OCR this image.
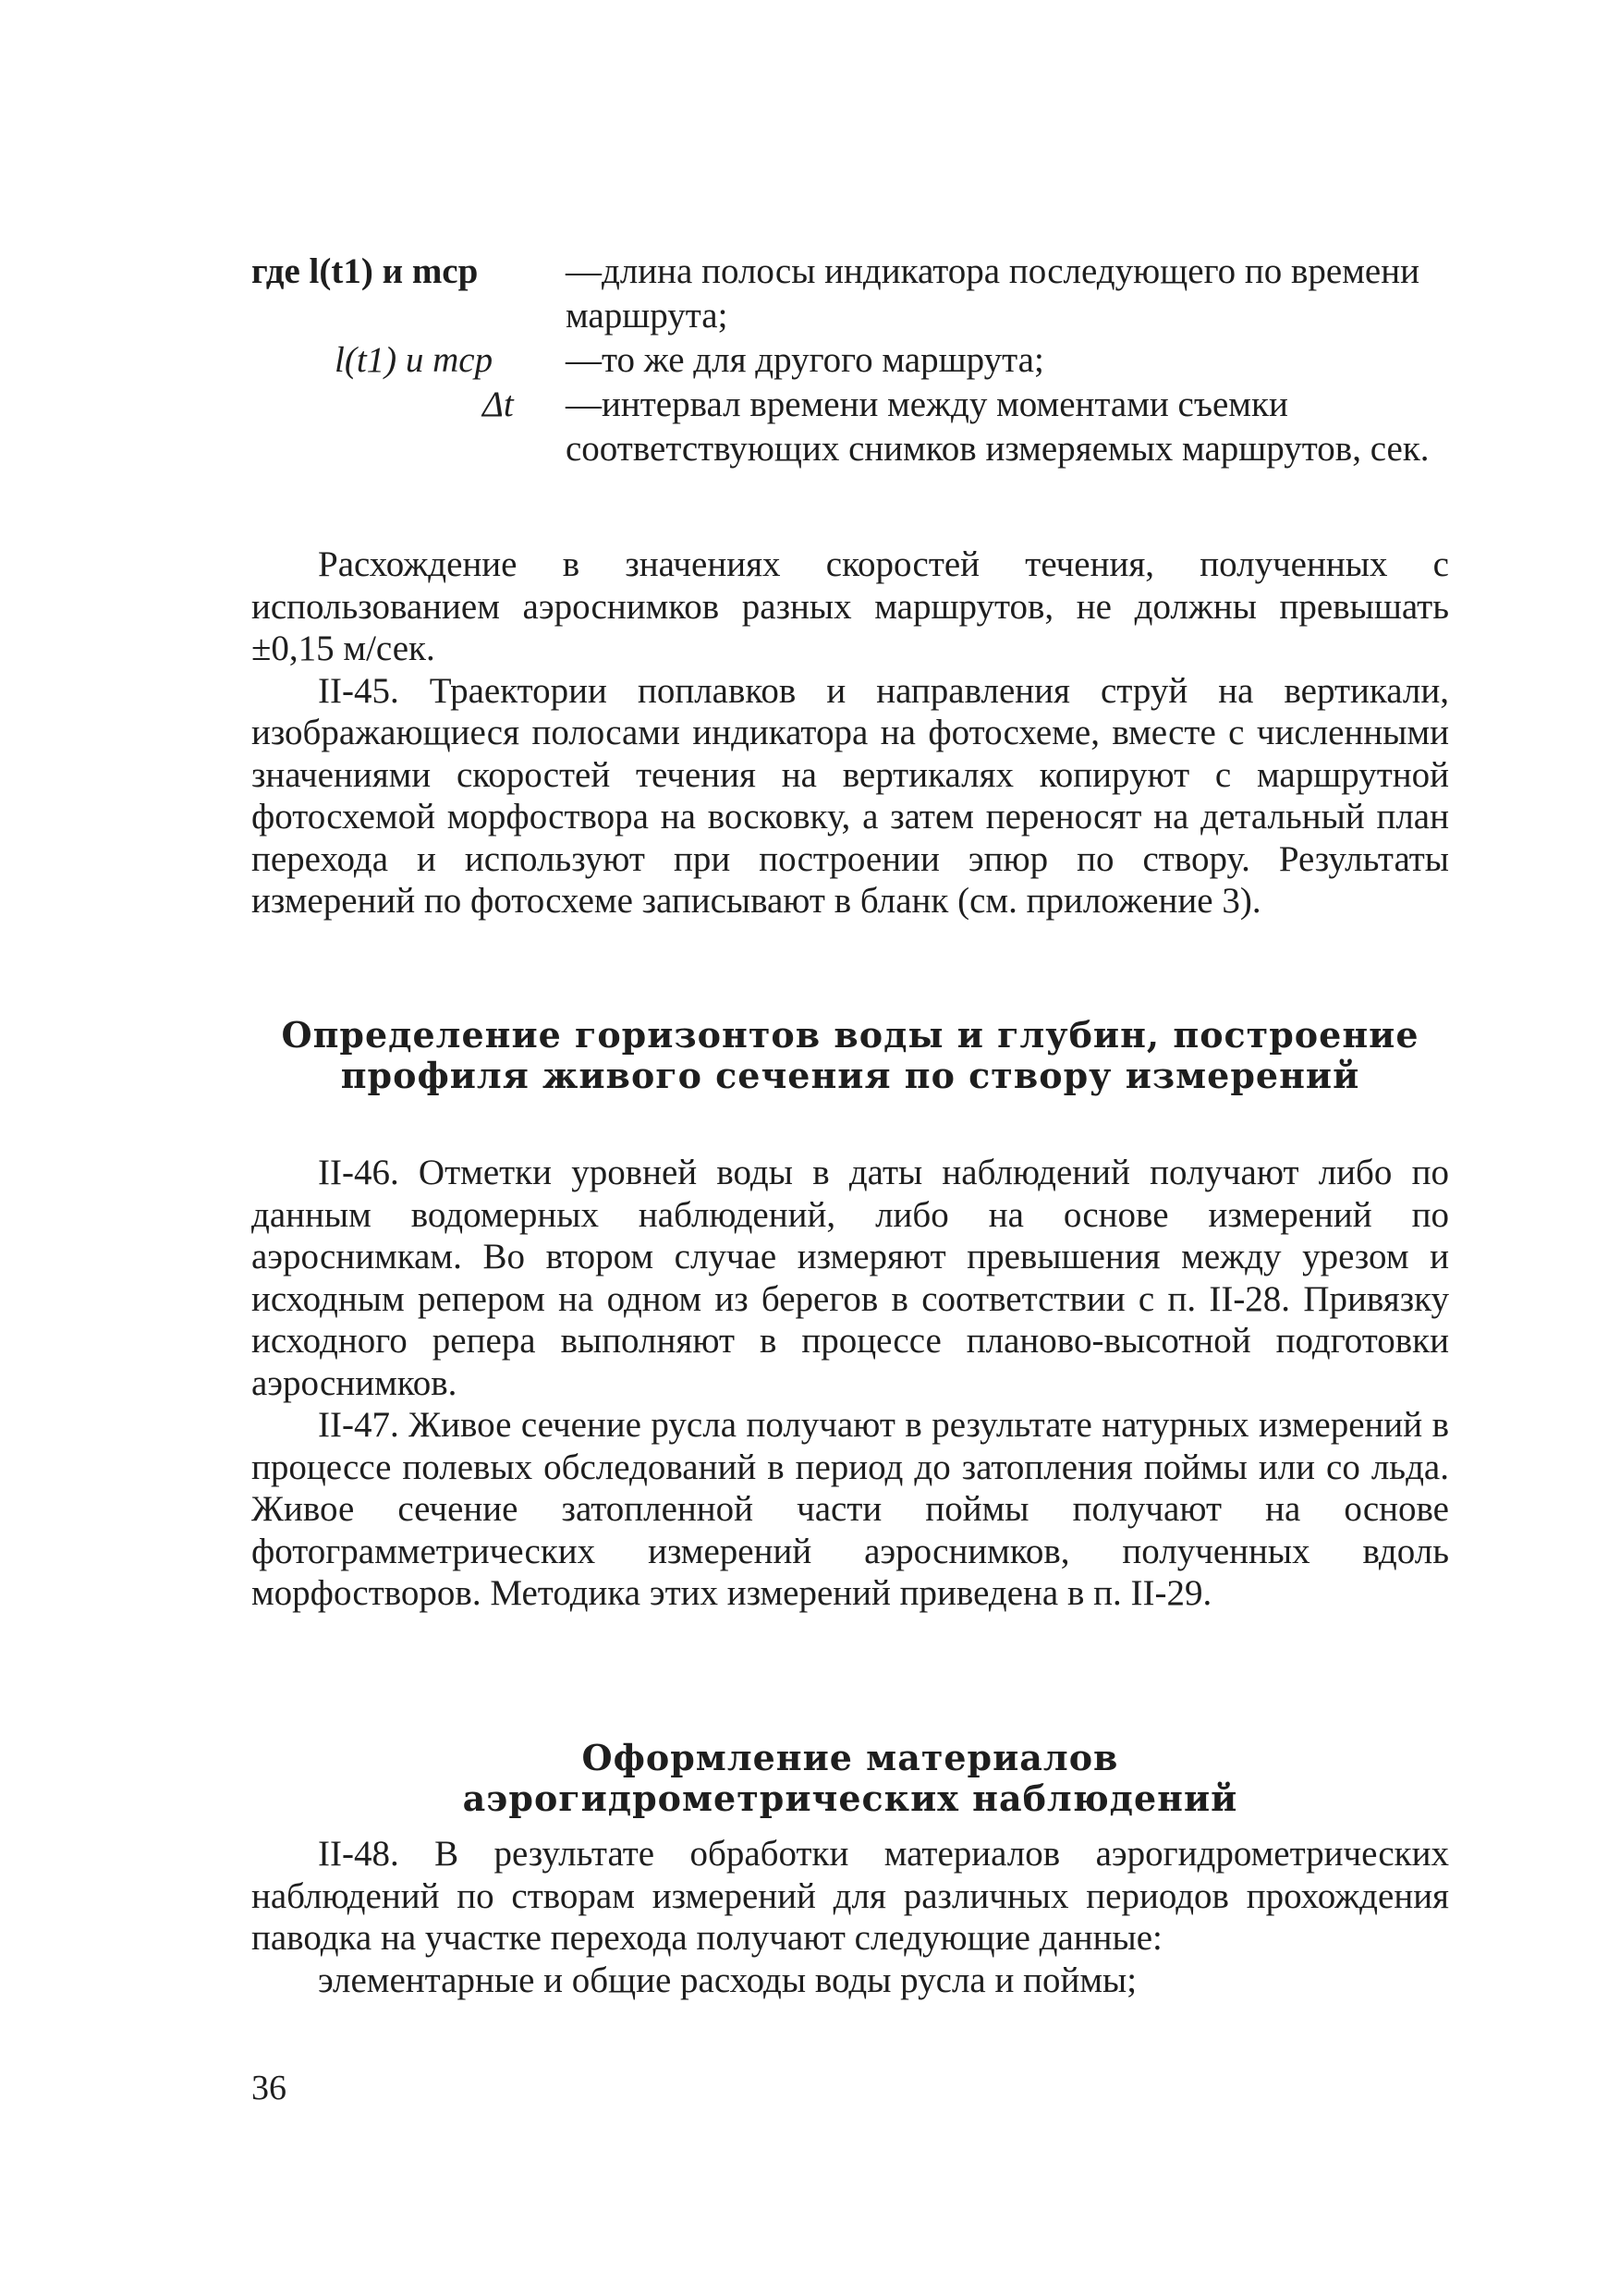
где l(t1) и mср —длина полосы индикатора последующего по времени маршрута;
l(t1) и mср —то же для другого маршрута;
Δt —интервал времени между моментами съемки соответствующих снимков измеряемых маршрутов, сек.

Расхождение в значениях скоростей течения, полученных с использованием аэроснимков разных маршрутов, не должны превышать ±0,15 м/сек.

II-45. Траектории поплавков и направления струй на вертикали, изображающиеся полосами индикатора на фотосхеме, вместе с численными значениями скоростей течения на вертикалях копируют с маршрутной фотосхемой морфоствора на восковку, а затем переносят на детальный план перехода и используют при построении эпюр по створу. Результаты измерений по фотосхеме записывают в бланк (см. приложение 3).

Определение горизонтов воды и глубин, построение профиля живого сечения по створу измерений

II-46. Отметки уровней воды в даты наблюдений получают либо по данным водомерных наблюдений, либо на основе измерений по аэроснимкам. Во втором случае измеряют превышения между урезом и исходным репером на одном из берегов в соответствии с п. II-28. Привязку исходного репера выполняют в процессе планово-высотной подготовки аэроснимков.

II-47. Живое сечение русла получают в результате натурных измерений в процессе полевых обследований в период до затопления поймы или со льда. Живое сечение затопленной части поймы получают на основе фотограмметрических измерений аэроснимков, полученных вдоль морфостворов. Методика этих измерений приведена в п. II-29.

Оформление материалов аэрогидрометрических наблюдений

II-48. В результате обработки материалов аэрогидрометрических наблюдений по створам измерений для различных периодов прохождения паводка на участке перехода получают следующие данные:

элементарные и общие расходы воды русла и поймы;

36
